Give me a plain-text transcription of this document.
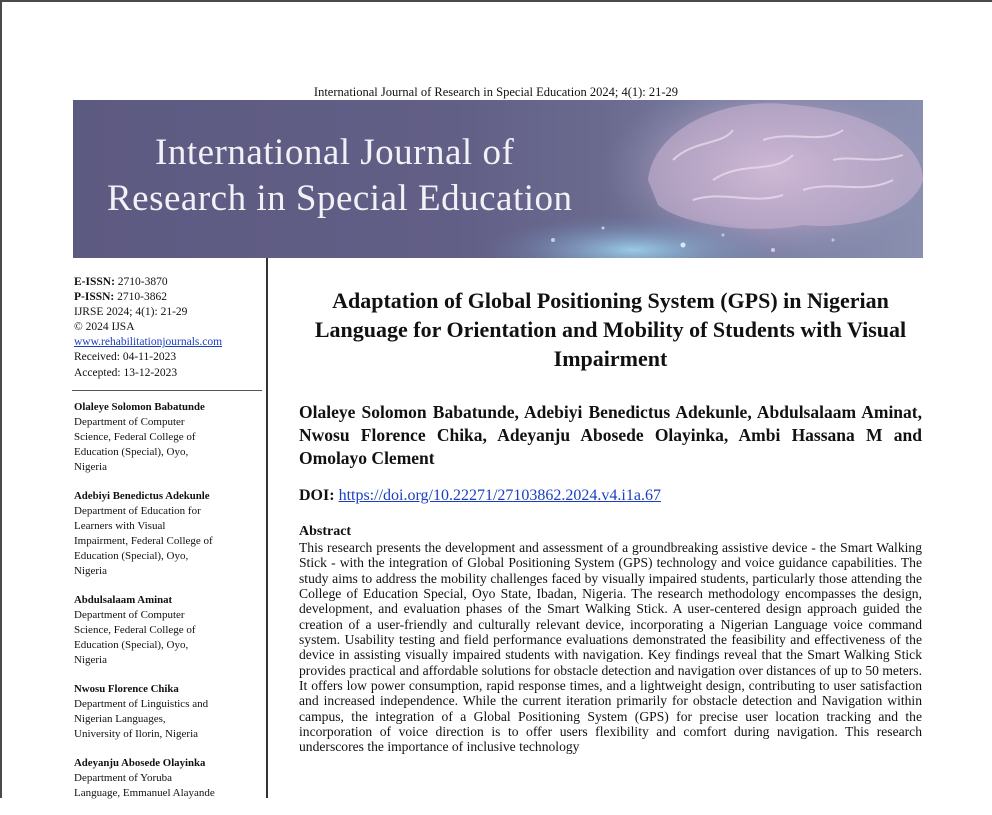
International Journal of Research in Special Education 2024; 4(1): 21-29
International Journal of
Research in Special Education
E-ISSN: 2710-3870
P-ISSN: 2710-3862
IJRSE 2024; 4(1): 21-29
© 2024 IJSA
www.rehabilitationjournals.com
Received: 04-11-2023
Accepted: 13-12-2023
Olaleye Solomon Babatunde
Department of Computer
Science, Federal College of
Education (Special), Oyo,
Nigeria
Adebiyi Benedictus Adekunle
Department of Education for
Learners with Visual
Impairment, Federal College of
Education (Special), Oyo,
Nigeria
Abdulsalaam Aminat
Department of Computer
Science, Federal College of
Education (Special), Oyo,
Nigeria
Nwosu Florence Chika
Department of Linguistics and
Nigerian Languages,
University of Ilorin, Nigeria
Adeyanju Abosede Olayinka
Department of Yoruba
Language, Emmanuel Alayande
Adaptation of Global Positioning System (GPS) in Nigerian Language for Orientation and Mobility of Students with Visual Impairment
Olaleye Solomon Babatunde, Adebiyi Benedictus Adekunle, Abdulsalaam Aminat, Nwosu Florence Chika, Adeyanju Abosede Olayinka, Ambi Hassana M and Omolayo Clement
DOI: https://doi.org/10.22271/27103862.2024.v4.i1a.67
Abstract
This research presents the development and assessment of a groundbreaking assistive device - the Smart Walking Stick - with the integration of Global Positioning System (GPS) technology and voice guidance capabilities. The study aims to address the mobility challenges faced by visually impaired students, particularly those attending the College of Education Special, Oyo State, Ibadan, Nigeria. The research methodology encompasses the design, development, and evaluation phases of the Smart Walking Stick. A user-centered design approach guided the creation of a user-friendly and culturally relevant device, incorporating a Nigerian Language voice command system. Usability testing and field performance evaluations demonstrated the feasibility and effectiveness of the device in assisting visually impaired students with navigation. Key findings reveal that the Smart Walking Stick provides practical and affordable solutions for obstacle detection and navigation over distances of up to 50 meters. It offers low power consumption, rapid response times, and a lightweight design, contributing to user satisfaction and increased independence. While the current iteration primarily for obstacle detection and Navigation within campus, the integration of a Global Positioning System (GPS) for precise user location tracking and the incorporation of voice direction is to offer users flexibility and comfort during navigation. This research underscores the importance of inclusive technology
